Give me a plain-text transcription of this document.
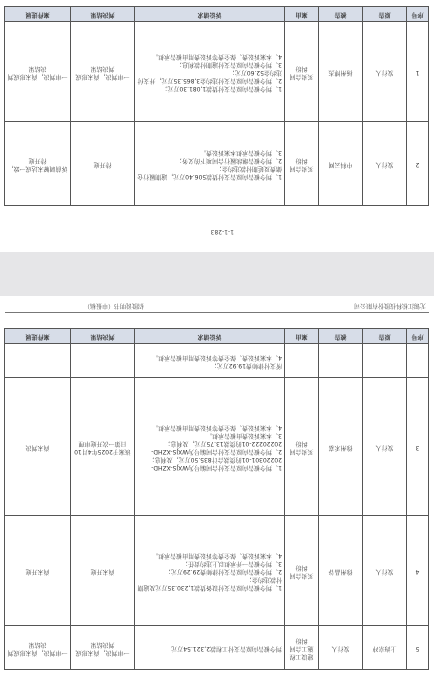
序号	原告	被告	案由	诉讼请求	判决结果	案件进展

1	发行人	扬州博杰	买卖合同纠纷	1、判令被告向原告支付货款1,081.30万元；
2、判令被告向原告支付违约金3,865.35万元，并支付违约金52.60万元；
3、判令被告向原告支付逾期付款利息；
4、本案诉讼费、保全费等诉讼费用由被告承担。	一审判决，尚未形成判决结果	一审判决，尚未形成判决结果

2	发行人	中科云网	买卖合同纠纷	1、判令被告向原告支付货款506.40万元，逾期履行仓储费及延期付款违约金；
2、判令被告继续履行合同项下的义务；
3、判令被告承担本案诉讼费。	待开庭	诉前调解未达成一致，待开庭
1-1-283
无锡江松科技股份有限公司
招股说明书（申报稿）
序号	原告	被告	案由	诉讼请求	判决结果	案件进展

				所支付律师费19.92万元；
4、本案诉讼费、保全费等诉讼费用由被告承担。		

3	发行人	徐州禾嘉	买卖合同纠纷	1、判令被告向原告支付合同编号为WXJS-XZHD-20220301-01的货款合计835.50万元，及利息；
2、判令被告向原告支付合同编号为WXJS-XZHD-20220222-01的货款13.75万元，及利息；
3、本案诉讼费由被告承担。
4、本案诉讼费、保全费等诉讼费用由被告承担。	该案于2025年4月10日第一次开庭审理	尚未判决

4	发行人	徐州晶谷	买卖合同纠纷	1、判令被告向原告支付设备货款1,230.35万元及逾期付款违约金；
2、判令被告向原告支付律师费29.29万元；
3、判令被告一并承担以上违约责任；
4、本案诉讼费、保全费等诉讼费用由被告承担。	尚未开庭	尚未开庭

5	上海京冲	发行人	建设工程施工合同纠纷	判令被告向原告支付工程款2,321.54万元	一审判决，尚未形成判决结果	一审判决，尚未形成判决结果
